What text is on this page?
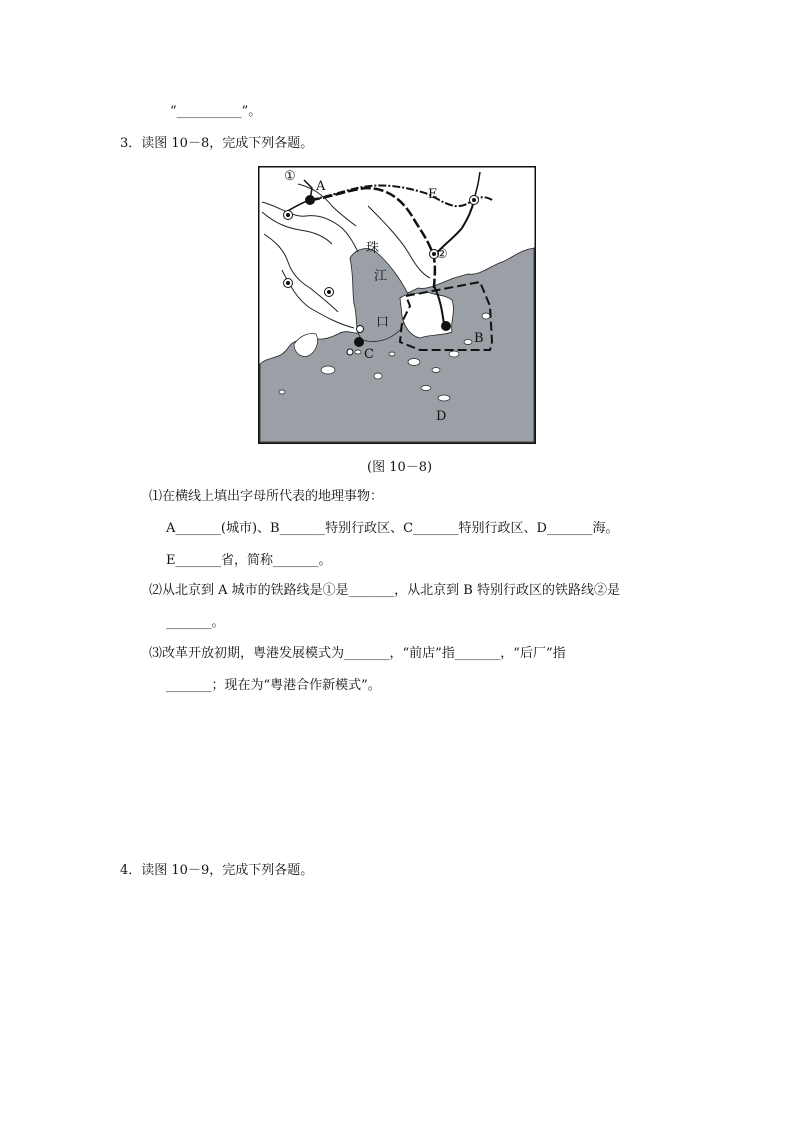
“__________”。
3．读图 10－8，完成下列各题。
①
A
E
②
珠
江
口
B
C
D
(图 10－8)
⑴在横线上填出字母所代表的地理事物：
A_______(城市)、B_______特别行政区、C_______特别行政区、D_______海。
E_______省，简称_______。
⑵从北京到 A 城市的铁路线是①是_______，从北京到 B 特别行政区的铁路线②是
_______。
⑶改革开放初期，粤港发展模式为_______，“前店”指_______，“后厂”指
_______；现在为“粤港合作新模式”。
4．读图 10－9，完成下列各题。
